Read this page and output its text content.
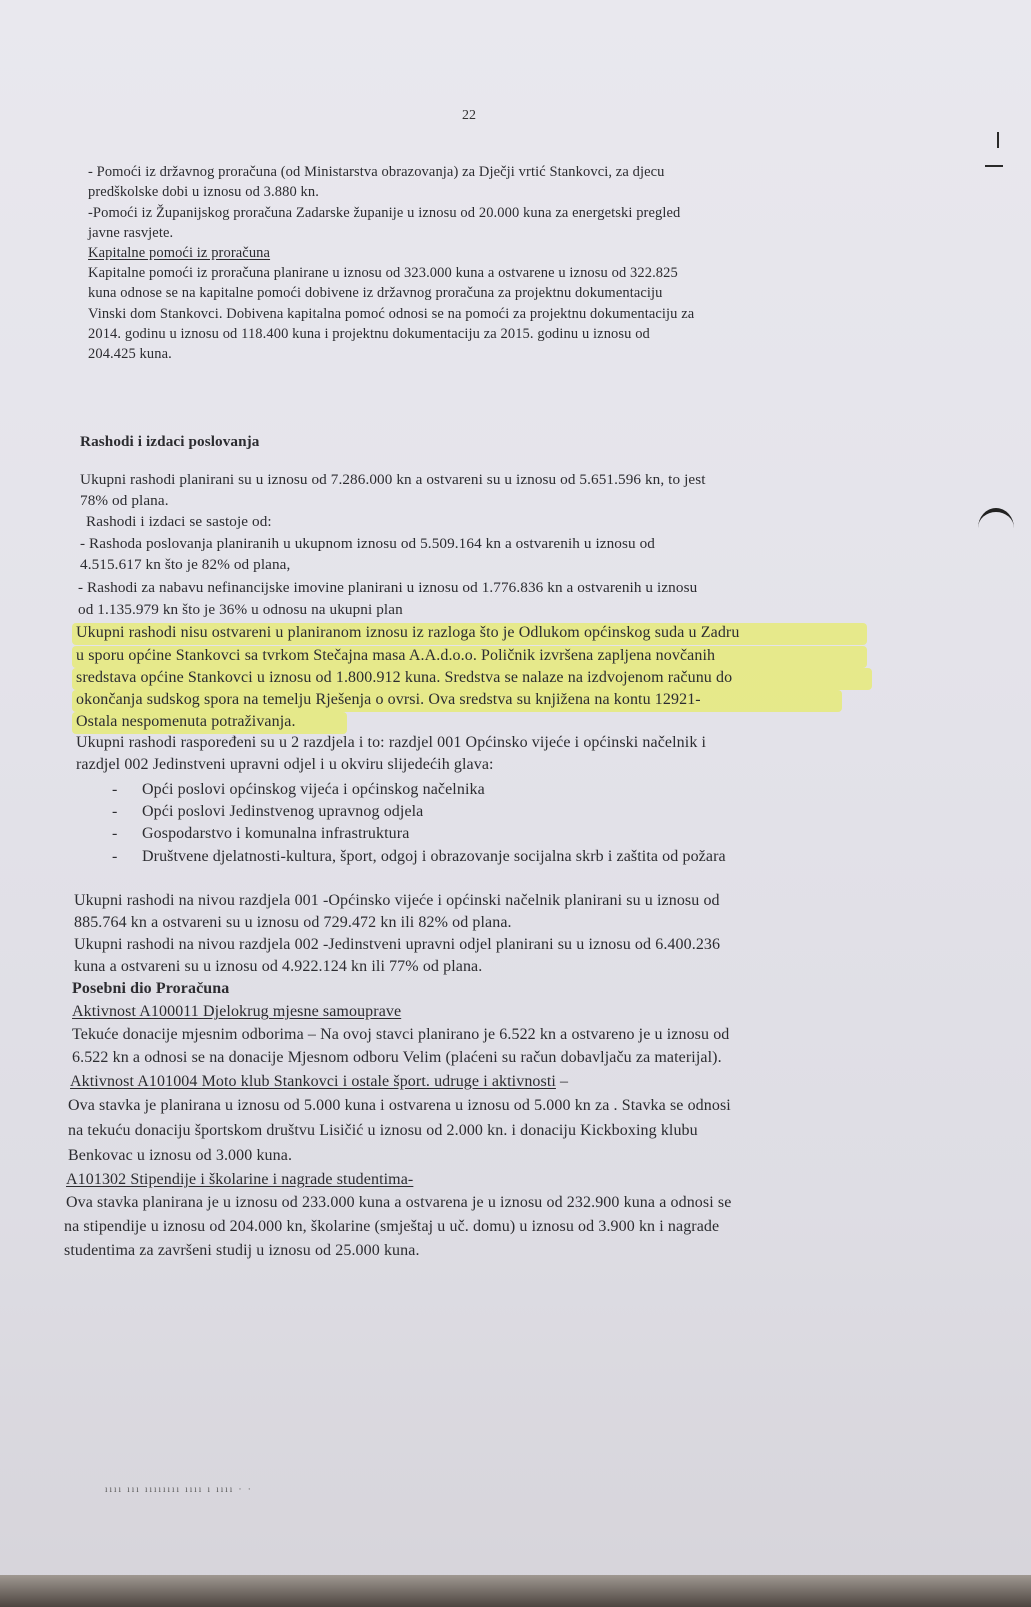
22
- Pomoći iz državnog proračuna (od Ministarstva obrazovanja) za Dječji vrtić Stankovci, za djecu
predškolske dobi u iznosu od 3.880 kn.
-Pomoći iz Županijskog proračuna Zadarske županije u iznosu od 20.000 kuna za energetski pregled
javne rasvjete.
Kapitalne pomoći iz proračuna
Kapitalne pomoći iz proračuna planirane u iznosu od 323.000 kuna a ostvarene u iznosu od 322.825
kuna odnose se na kapitalne pomoći dobivene iz državnog proračuna za projektnu dokumentaciju
Vinski dom Stankovci. Dobivena kapitalna pomoć odnosi se na pomoći za projektnu dokumentaciju za
2014. godinu u iznosu od 118.400 kuna i projektnu dokumentaciju za 2015. godinu u iznosu od
204.425 kuna.
Rashodi i izdaci poslovanja
Ukupni rashodi planirani su u iznosu od 7.286.000 kn a ostvareni su u iznosu od 5.651.596 kn, to jest
78% od plana.
Rashodi i izdaci se sastoje od:
- Rashoda poslovanja planiranih u ukupnom iznosu od 5.509.164 kn a ostvarenih u iznosu od
4.515.617 kn što je 82% od plana,
- Rashodi za nabavu nefinancijske imovine planirani u iznosu od 1.776.836 kn a ostvarenih u iznosu
od 1.135.979 kn što je 36% u odnosu na ukupni plan
Ukupni rashodi nisu ostvareni u planiranom iznosu iz razloga što je Odlukom općinskog suda u Zadru
u sporu općine Stankovci sa tvrkom Stečajna masa A.A.d.o.o. Poličnik izvršena zapljena novčanih
sredstava općine Stankovci u iznosu od 1.800.912 kuna. Sredstva se nalaze na izdvojenom računu do
okončanja sudskog spora na temelju Rješenja o ovrsi. Ova sredstva su knjižena na kontu 12921-
Ostala nespomenuta potraživanja.
Ukupni rashodi raspoređeni su u 2 razdjela i to: razdjel 001 Općinsko vijeće i općinski načelnik i
razdjel 002 Jedinstveni upravni odjel i u okviru slijedećih glava:
- Opći poslovi općinskog vijeća i općinskog načelnika
- Opći poslovi Jedinstvenog upravnog odjela
- Gospodarstvo i komunalna infrastruktura
- Društvene djelatnosti-kultura, šport, odgoj i obrazovanje socijalna skrb i zaštita od požara
Ukupni rashodi na nivou razdjela 001 -Općinsko vijeće i općinski načelnik planirani su u iznosu od
885.764 kn a ostvareni su u iznosu od 729.472 kn ili 82% od plana.
Ukupni rashodi na nivou razdjela 002 -Jedinstveni upravni odjel planirani su u iznosu od 6.400.236
kuna a ostvareni su u iznosu od 4.922.124 kn ili 77% od plana.
Posebni dio Proračuna
Aktivnost A100011 Djelokrug mjesne samouprave
Tekuće donacije mjesnim odborima – Na ovoj stavci planirano je 6.522 kn a ostvareno je u iznosu od
6.522 kn a odnosi se na donacije Mjesnom odboru Velim (plaćeni su račun dobavljaču za materijal).
Aktivnost A101004 Moto klub Stankovci i ostale šport. udruge i aktivnosti –
Ova stavka je planirana u iznosu od 5.000 kuna i ostvarena u iznosu od 5.000 kn za . Stavka se odnosi
na tekuću donaciju športskom društvu Lisičić u iznosu od 2.000 kn. i donaciju Kickboxing klubu
Benkovac u iznosu od 3.000 kuna.
A101302 Stipendije i školarine i nagrade studentima-
Ova stavka planirana je u iznosu od 233.000 kuna a ostvarena je u iznosu od 232.900 kuna a odnosi se
na stipendije u iznosu od 204.000 kn, školarine (smještaj u uč. domu) u iznosu od 3.900 kn i nagrade
studentima za završeni studij u iznosu od 25.000 kuna.
ıııı ııı ıııııııı ıııı ı ıııı · ·
